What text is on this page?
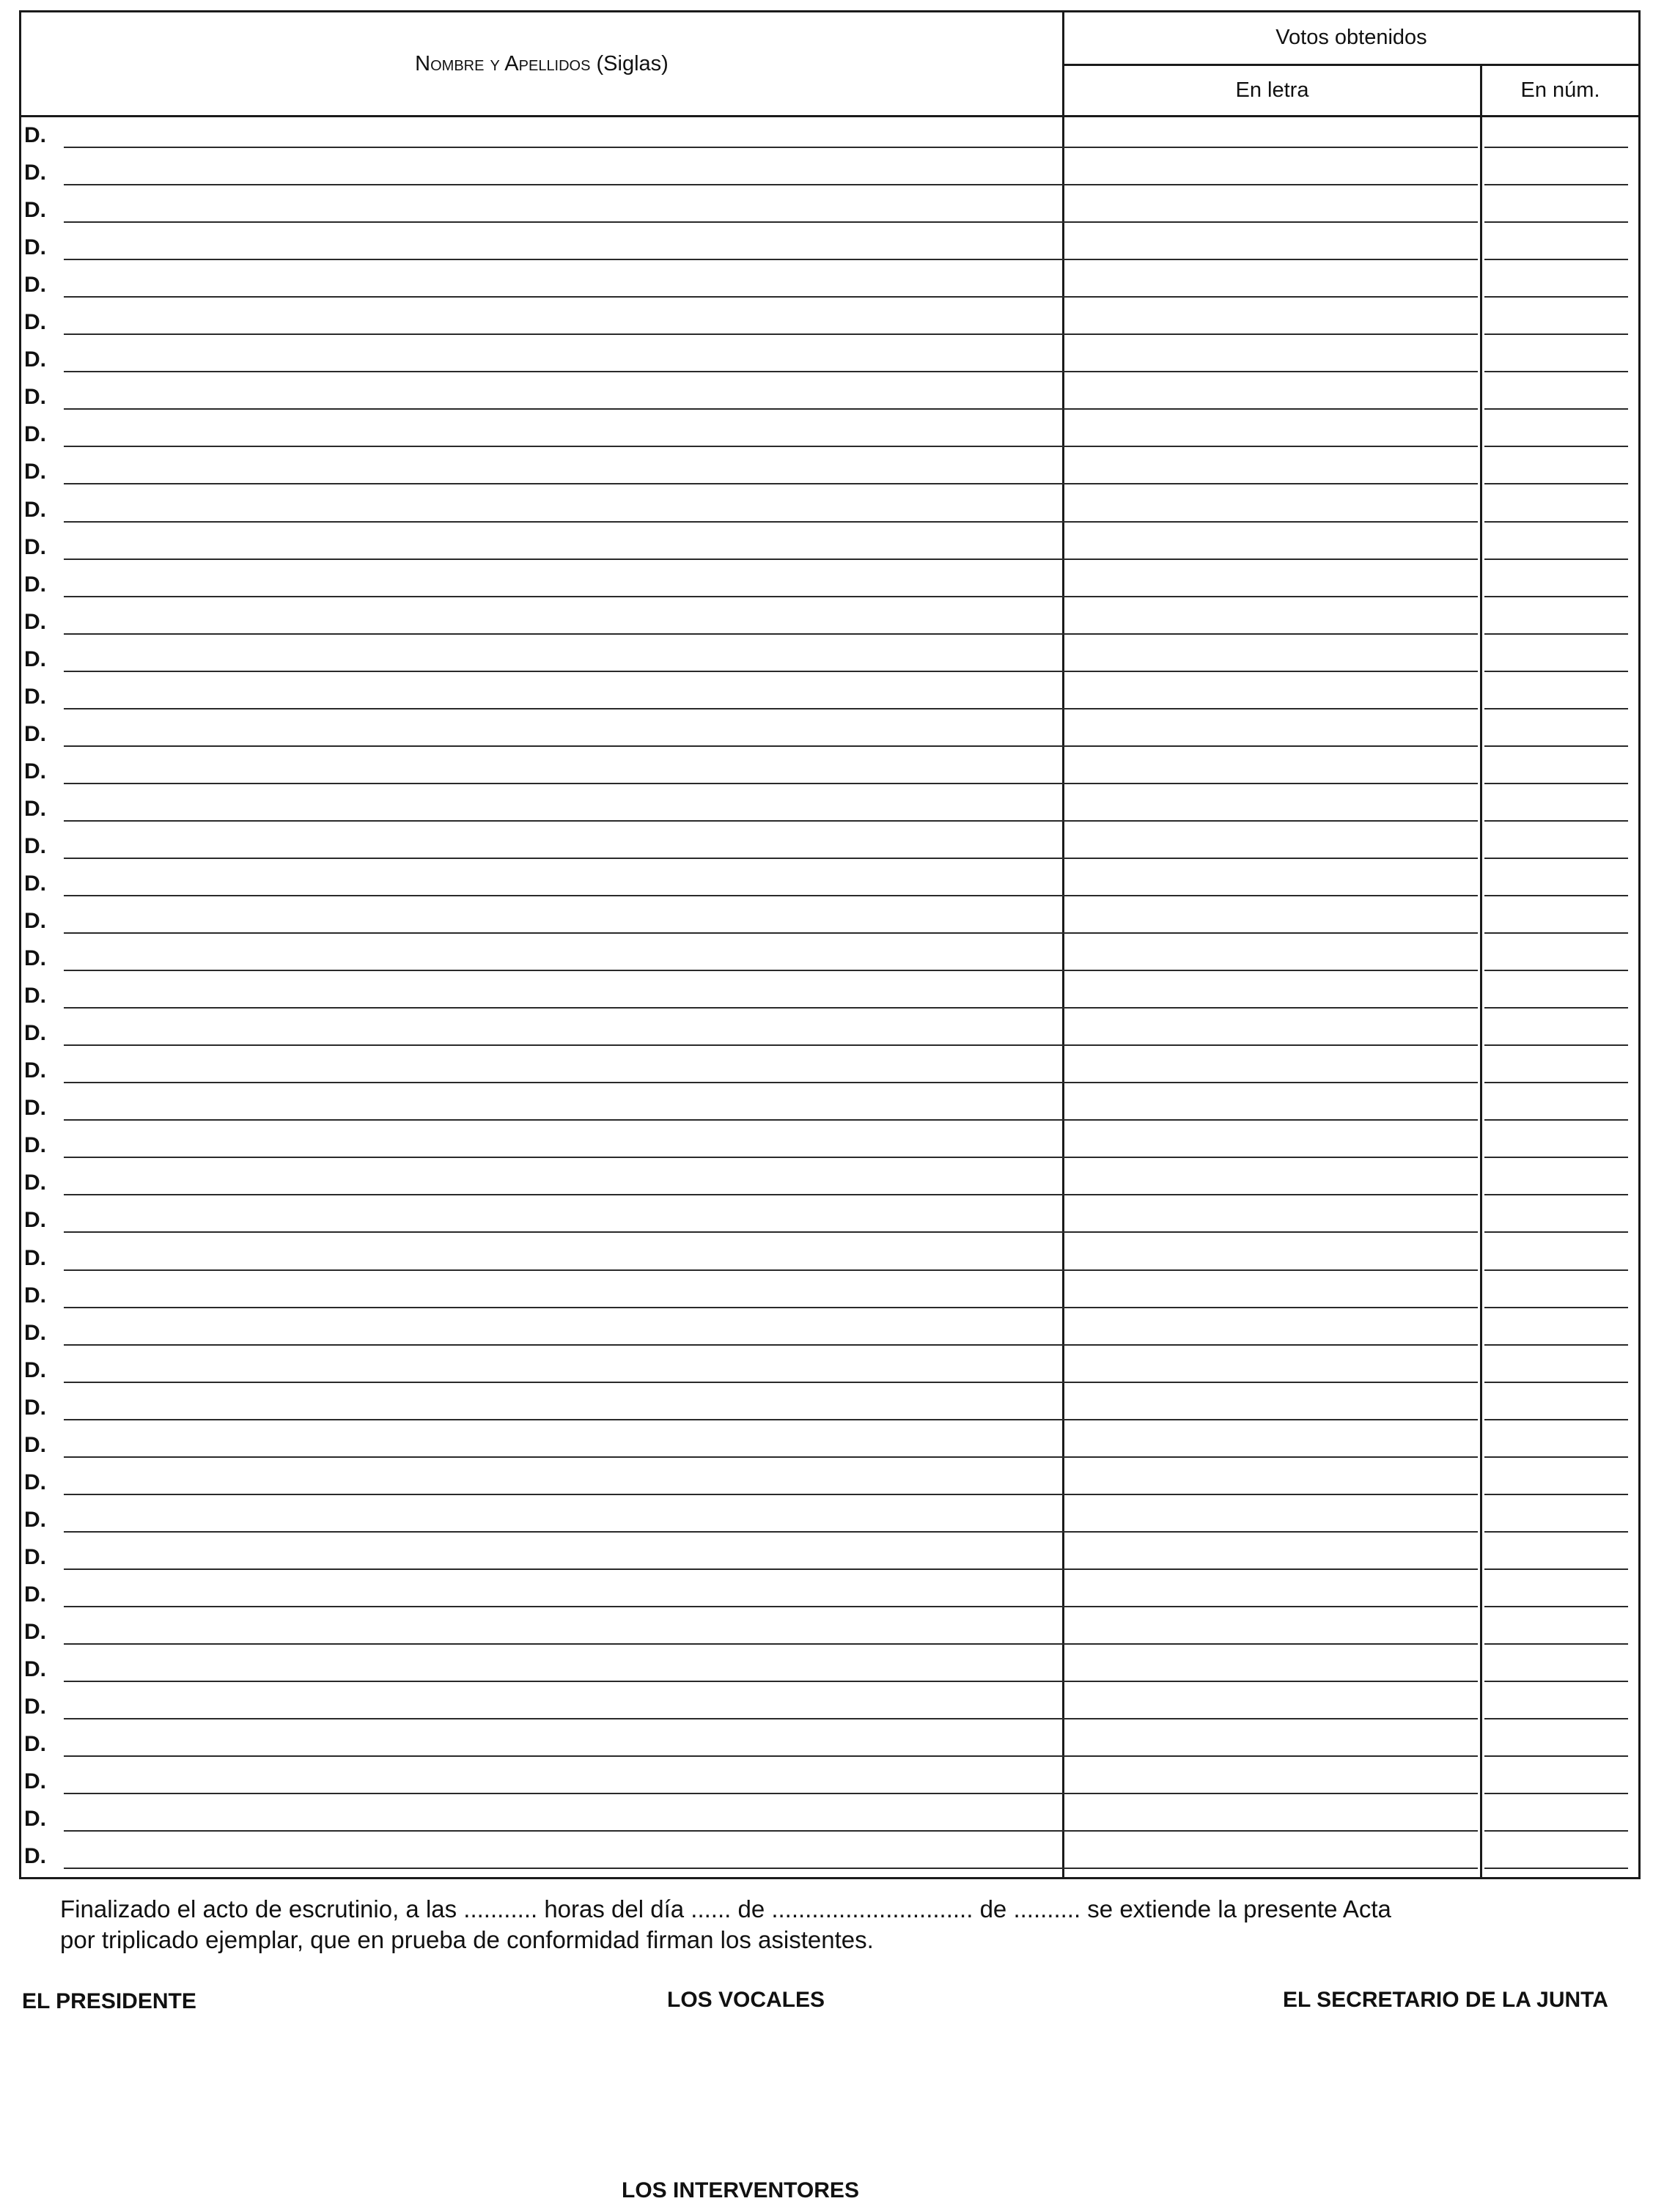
Nombre y Apellidos (Siglas)
Votos obtenidos
En letra	En núm.
D.
D.
D.
D.
D.
D.
D.
D.
D.
D.
D.
D.
D.
D.
D.
D.
D.
D.
D.
D.
D.
D.
D.
D.
D.
D.
D.
D.
D.
D.
D.
D.
D.
D.
D.
D.
D.
D.
D.
D.
D.
D.
D.
D.
D.
D.
D.
Finalizado el acto de escrutinio, a las ........... horas del día ...... de .............................. de .......... se extiende la presente Acta
por triplicado ejemplar, que en prueba de conformidad firman los asistentes.
EL PRESIDENTE	LOS VOCALES	EL SECRETARIO DE LA JUNTA
LOS INTERVENTORES
